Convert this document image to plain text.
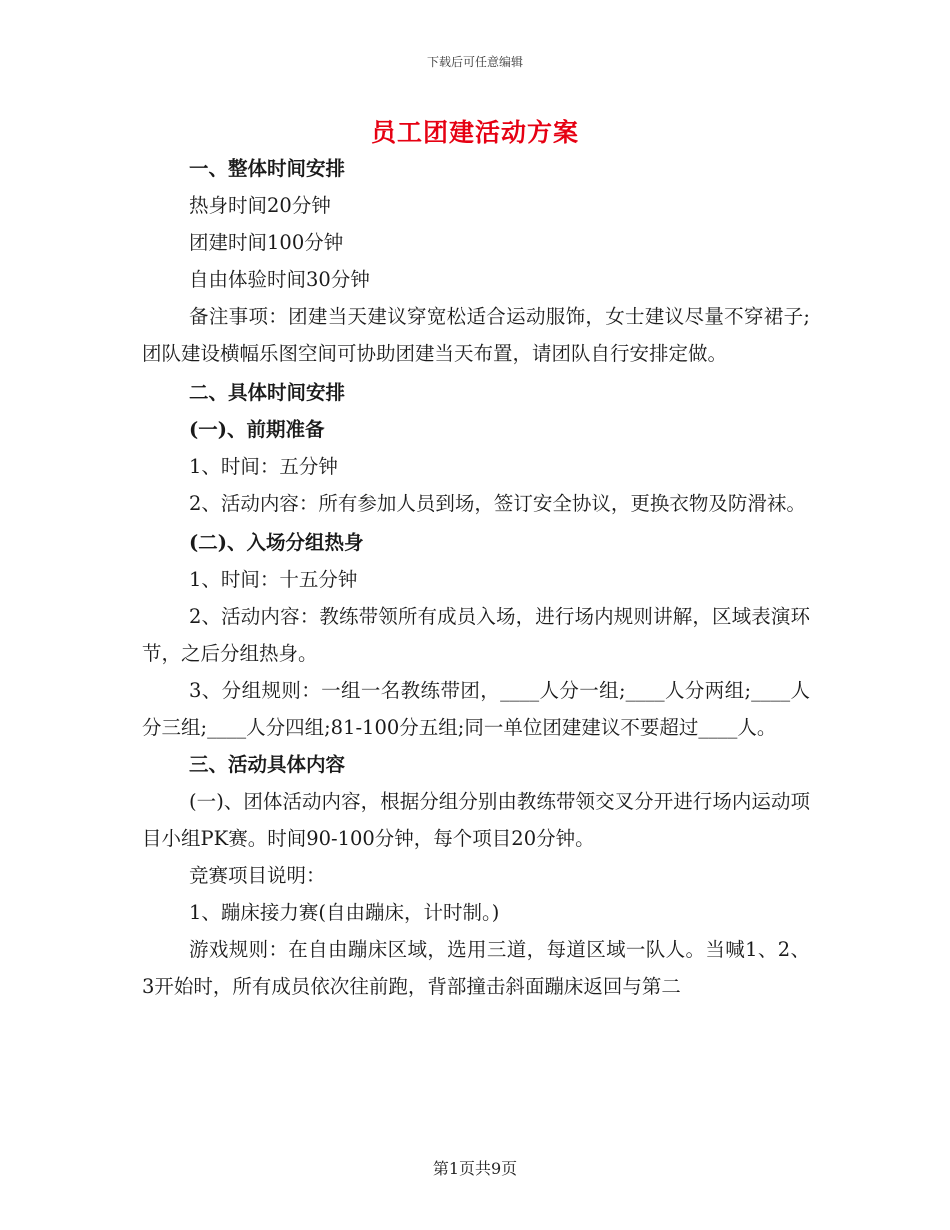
下载后可任意编辑
员工团建活动方案

一、整体时间安排

热身时间20分钟

团建时间100分钟

自由体验时间30分钟

备注事项：团建当天建议穿宽松适合运动服饰，女士建议尽量不穿裙子;团队建设横幅乐图空间可协助团建当天布置，请团队自行安排定做。

二、具体时间安排

(一)、前期准备

1、时间：五分钟

2、活动内容：所有参加人员到场，签订安全协议，更换衣物及防滑袜。

(二)、入场分组热身

1、时间：十五分钟

2、活动内容：教练带领所有成员入场，进行场内规则讲解，区域表演环节，之后分组热身。

3、分组规则：一组一名教练带团，____人分一组;____人分两组;____人分三组;____人分四组;81-100分五组;同一单位团建建议不要超过____人。

三、活动具体内容

(一)、团体活动内容，根据分组分别由教练带领交叉分开进行场内运动项目小组PK赛。时间90-100分钟，每个项目20分钟。

竞赛项目说明：

1、蹦床接力赛(自由蹦床，计时制。)

游戏规则：在自由蹦床区域，选用三道，每道区域一队人。当喊1、2、3开始时，所有成员依次往前跑，背部撞击斜面蹦床返回与第二

第1页共9页
